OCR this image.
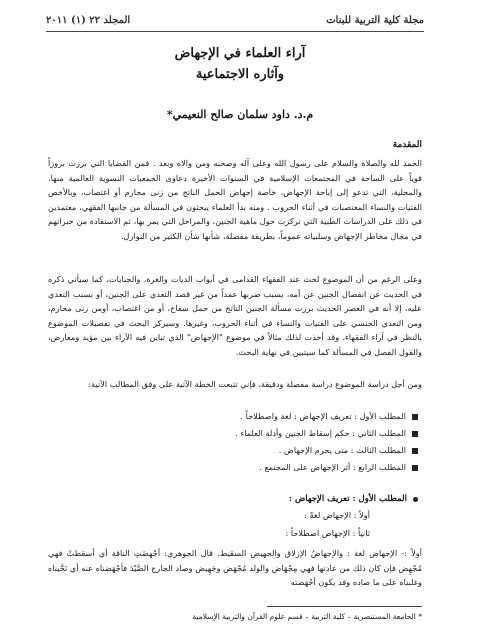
مجلة كلية التربية للبنات
المجلد ٢٢ (١) ٢٠١١
آراء العلماء في الإجهاض
وآثاره الاجتماعية
م.د. داود سلمان صالح النعيمي*
المقدمة
الحمد لله والصلاة والسلام على رسول الله وعلى آله وصحبه ومن والاه وبعد . فمن القضايا التي برزت بروزاً قوياً على الساحة في المجتمعات الإسلامية في السنوات الأخيرة دعاوى الجمعيات النسوية العالمية منها، والمحلية، التي تدعو إلى إباحة الإجهاض، خاصة إجهاض الحمل الناتج من زنى محارم أو اغتصاب، وبالأخص الفتيات والنساء المغتصبات في أثناء الحروب . ومنه بدأ العلماء يبحثون في المسألة من جانبها الفقهي، معتمدين في ذلك على الدراسات الطبية التي تركزت حول ماهية الجنين، والمراحل التي يمر بها، ثم الاستفادة من خبراتهم في مجال مخاطر الإجهاض وسلبياته عموماً، بطريقة مفصلة، شأنها شأن الكثير من النوازل.
وعلى الرغم من أن الموضوع لحث عند الفقهاء القدامى في أبواب الديات والغرة، والجنايات، كما سيأتي ذكره في الحديث عن انفصال الجنين عن أمه، بسبب ضربها عمداً من غير قصد التعدي على الجنين، أو بسبب التعدي عليه، إلا أنه في العصر الحديث برزت مسألة الجنين الناتج من حمل سفاح، أو من اغتصاب، أومن زنى محارم، ومن التعدي الجنسي على الفتيات والنساء في أثناء الحروب، وغيرها. وسيركز البحث في تفصيلات الموضوع بالنظر في آراء الفقهاء، وقد أخذت لذلك مثالاً في موضوع "الإجهاض" الذي تباين فيه الآراء بين مؤيد ومعارض، والقول الفصل في المسألة كما سيتبين في نهاية البحث.
ومن أجل دراسة الموضوع دراسة مفصلة ودقيقة، فإني تتبعت الخطة الآتية على وفق المطالب الآتية:
المطلب الأول : تعريف الإجهاض : لغة واصطلاحاً .
المطلب الثاني : حكم إسقاط الجنين وأدلة العلماء .
المطلب الثالث : متى يحرم الإجهاض .
المطلب الرابع : أثر الإجهاض على المجتمع .
المطلب الأول : تعريف الإجهاض :
أولاً : الإجهاض لغةً :
ثانياً : الإجهاض اصطلاحاً :
أولاً :- الإجهاض لغة : والإجهاضُ الإزلاق والجهيض السقيط. قال الجوهري: أجْهضَتِ الناقة أي أسقطتْ فهي مُجْهِض فإن كان ذلك من عادتها فهي مِجْهَاض والولد مُجْهَض وجَهِيض وصاد الجارح الصَّيْدَ فأجْهَضناه عنه أي نَحَّيناه وغلبناه على ما صاده وقد يكون أجْهَضته
* الجامعة المستنصرية – كلية التربية – قسم علوم القرآن والتربية الإسلامية
